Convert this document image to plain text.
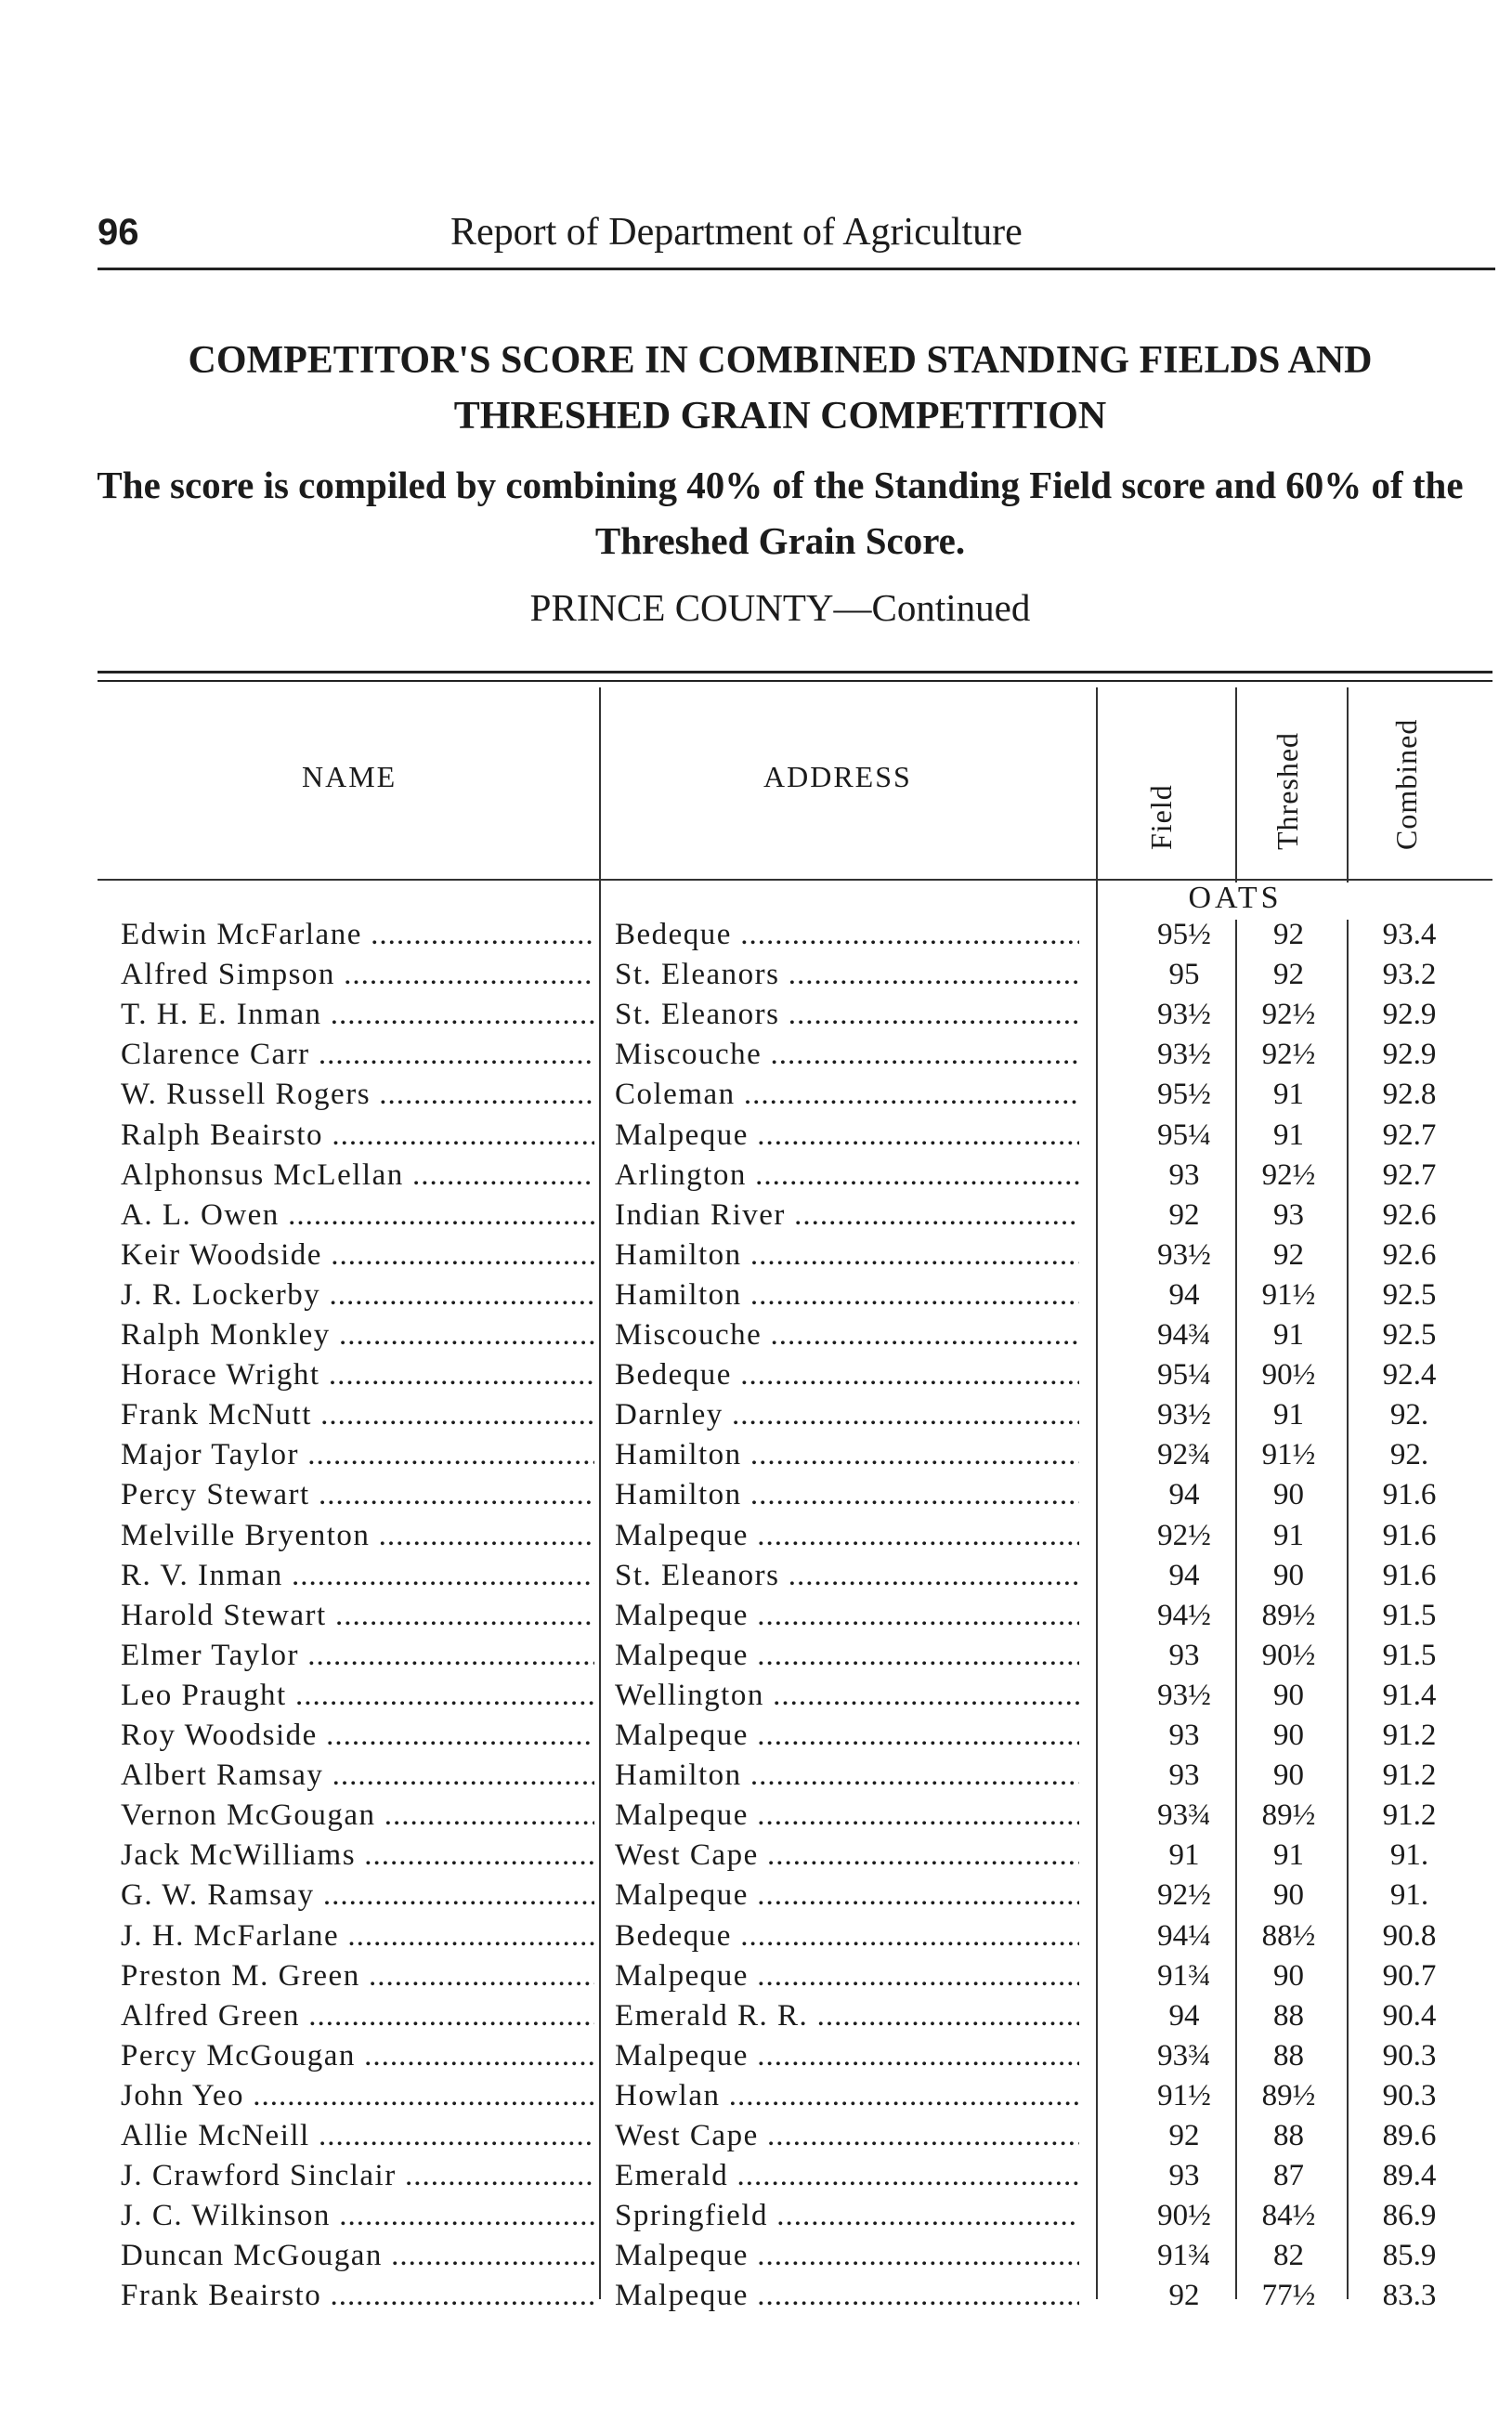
96	Report of Department of Agriculture
COMPETITOR'S SCORE IN COMBINED STANDING FIELDS AND THRESHED GRAIN COMPETITION
The score is compiled by combining 40% of the Standing Field score and 60% of the Threshed Grain Score.
PRINCE COUNTY—Continued
NAME	ADDRESS
Field	Threshed	Combined
OATS
Edwin McFarlane .....	Bedeque .....	95½	92	93.4
Alfred Simpson .....	St. Eleanors .....	95	92	93.2
T. H. E. Inman .....	St. Eleanors .....	93½	92½	92.9
Clarence Carr .....	Miscouche .....	93½	92½	92.9
W. Russell Rogers .....	Coleman .....	95½	91	92.8
Ralph Beairsto .....	Malpeque .....	95¼	91	92.7
Alphonsus McLellan .....	Arlington .....	93	92½	92.7
A. L. Owen .....	Indian River .....	92	93	92.6
Keir Woodside .....	Hamilton .....	93½	92	92.6
J. R. Lockerby .....	Hamilton .....	94	91½	92.5
Ralph Monkley .....	Miscouche .....	94¾	91	92.5
Horace Wright .....	Bedeque .....	95¼	90½	92.4
Frank McNutt .....	Darnley .....	93½	91	92.
Major Taylor .....	Hamilton .....	92¾	91½	92.
Percy Stewart .....	Hamilton .....	94	90	91.6
Melville Bryenton .....	Malpeque .....	92½	91	91.6
R. V. Inman .....	St. Eleanors .....	94	90	91.6
Harold Stewart .....	Malpeque .....	94½	89½	91.5
Elmer Taylor .....	Malpeque .....	93	90½	91.5
Leo Praught .....	Wellington .....	93½	90	91.4
Roy Woodside .....	Malpeque .....	93	90	91.2
Albert Ramsay .....	Hamilton .....	93	90	91.2
Vernon McGougan .....	Malpeque .....	93¾	89½	91.2
Jack McWilliams .....	West Cape .....	91	91	91.
G. W. Ramsay .....	Malpeque .....	92½	90	91.
J. H. McFarlane .....	Bedeque .....	94¼	88½	90.8
Preston M. Green .....	Malpeque .....	91¾	90	90.7
Alfred Green .....	Emerald R. R. .....	94	88	90.4
Percy McGougan .....	Malpeque .....	93¾	88	90.3
John Yeo .....	Howlan .....	91½	89½	90.3
Allie McNeill .....	West Cape .....	92	88	89.6
J. Crawford Sinclair .....	Emerald .....	93	87	89.4
J. C. Wilkinson .....	Springfield .....	90½	84½	86.9
Duncan McGougan .....	Malpeque .....	91¾	82	85.9
Frank Beairsto .....	Malpeque .....	92	77½	83.3
